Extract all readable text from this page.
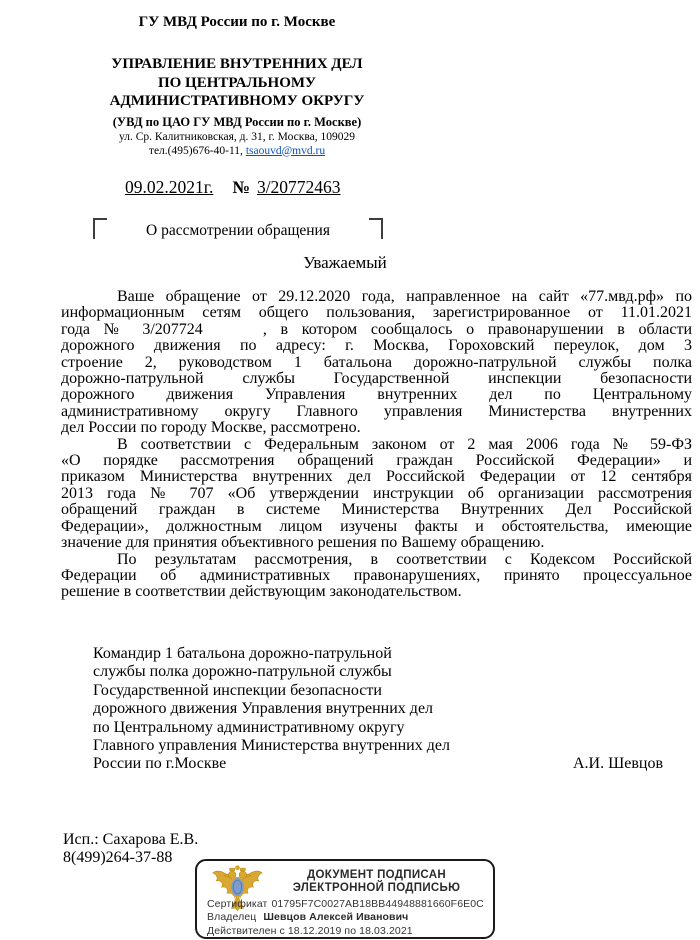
ГУ МВД России по г. Москве
УПРАВЛЕНИЕ ВНУТРЕННИХ ДЕЛ
ПО ЦЕНТРАЛЬНОМУ
АДМИНИСТРАТИВНОМУ ОКРУГУ
(УВД по ЦАО ГУ МВД России по г. Москве)
ул. Ср. Калитниковская, д. 31, г. Москва, 109029
тел.(495)676-40-11, tsaouvd@mvd.ru
09.02.2021г. № 3/20772463
О рассмотрении обращения
Уважаемый
Ваше обращение от 29.12.2020 года, направленное на сайт «77.мвд.рф» по
информационным сетям общего пользования, зарегистрированное от 11.01.2021
года № 3/207724	, в котором сообщалось о правонарушении в области
дорожного движения по адресу: г. Москва, Гороховский переулок, дом 3
строение 2, руководством 1 батальона дорожно-патрульной службы полка
дорожно-патрульной службы Государственной инспекции безопасности
дорожного движения Управления внутренних дел по Центральному
административному округу Главного управления Министерства внутренних
дел России по городу Москве, рассмотрено.
В соответствии с Федеральным законом от 2 мая 2006 года № 59-ФЗ
«О порядке рассмотрения обращений граждан Российской Федерации» и
приказом Министерства внутренних дел Российской Федерации от 12 сентября
2013 года № 707 «Об утверждении инструкции об организации рассмотрения
обращений граждан в системе Министерства Внутренних Дел Российской
Федерации», должностным лицом изучены факты и обстоятельства, имеющие
значение для принятия объективного решения по Вашему обращению.
По результатам рассмотрения, в соответствии с Кодексом Российской
Федерации об административных правонарушениях, принято процессуальное
решение в соответствии действующим законодательством.
Командир 1 батальона дорожно-патрульной
службы полка дорожно-патрульной службы
Государственной инспекции безопасности
дорожного движения Управления внутренних дел
по Центральному административному округу
Главного управления Министерства внутренних дел
России по г.Москве	А.И. Шевцов
Исп.: Сахарова Е.В.
8(499)264-37-88
ДОКУМЕНТ ПОДПИСАН
ЭЛЕКТРОННОЙ ПОДПИСЬЮ
Сертификат 01795F7C0027AB18BB44948881660F6E0C
Владелец Шевцов Алексей Иванович
Действителен с 18.12.2019 по 18.03.2021
